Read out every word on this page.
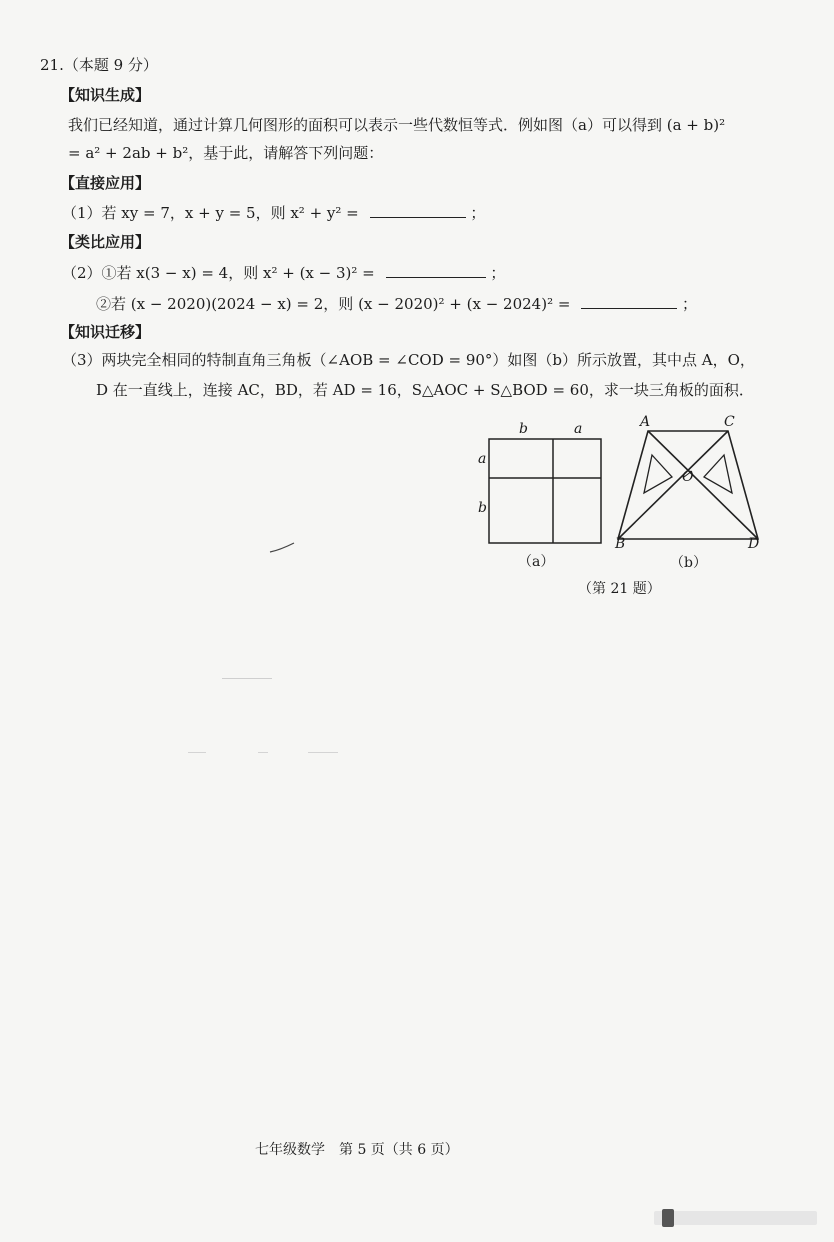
21.（本题 9 分）
【知识生成】
我们已经知道，通过计算几何图形的面积可以表示一些代数恒等式．例如图（a）可以得到 (a + b)²
= a² + 2ab + b²，基于此，请解答下列问题：
【直接应用】
（1）若 xy = 7，x + y = 5，则 x² + y² =	；
【类比应用】
（2）①若 x(3 − x) = 4，则 x² + (x − 3)² =	；
②若 (x − 2020)(2024 − x) = 2，则 (x − 2020)² + (x − 2024)² =	；
【知识迁移】
（3）两块完全相同的特制直角三角板（∠AOB = ∠COD = 90°）如图（b）所示放置，其中点 A，O，
D 在一直线上，连接 AC，BD，若 AD = 16，S△AOC + S△BOD = 60，求一块三角板的面积．
b	a
a
b
（a）
A	C
O
B	D
（b）
（第 21 题）
七年级数学　第 5 页（共 6 页）
